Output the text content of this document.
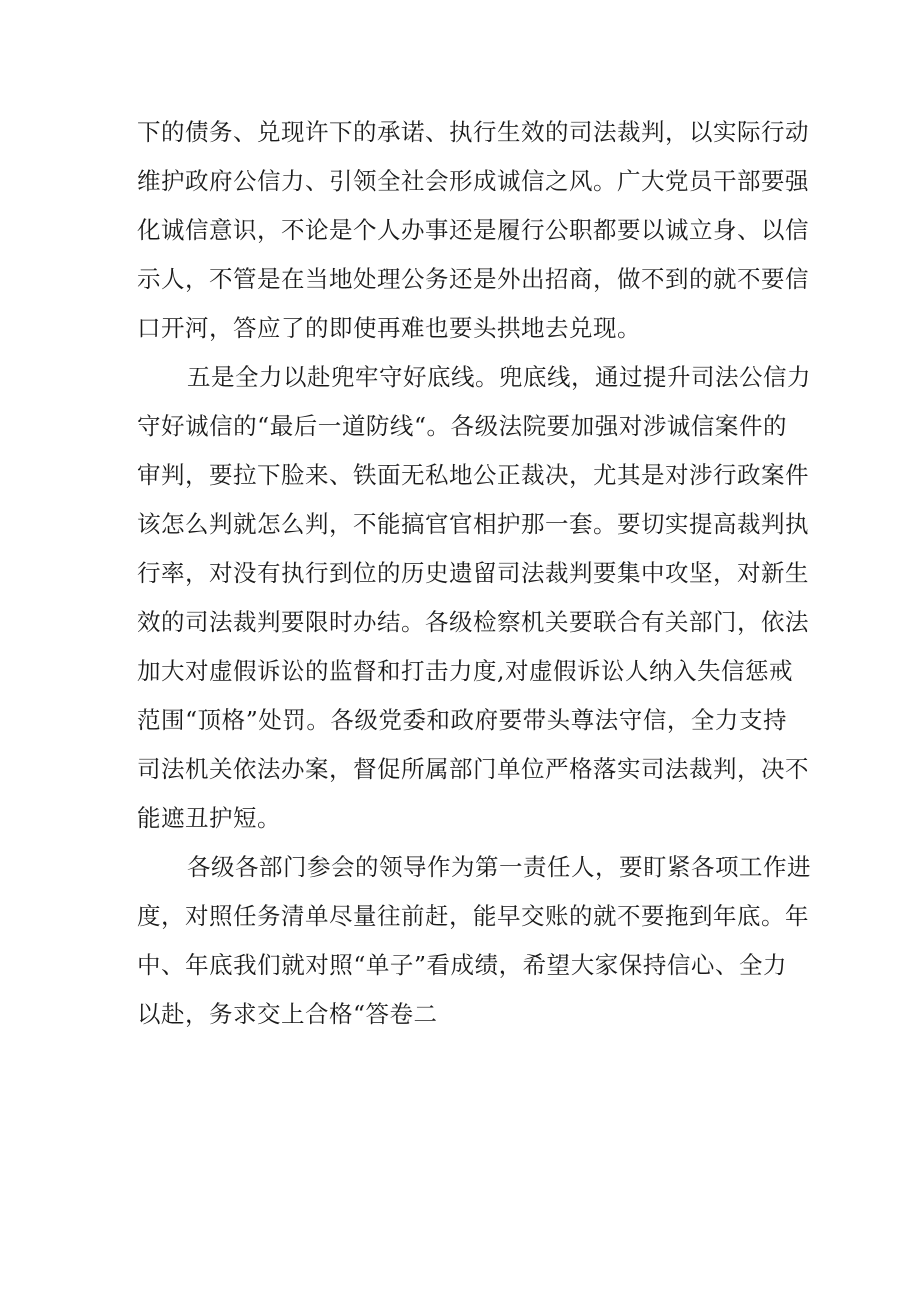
下的债务、兑现许下的承诺、执行生效的司法裁判，以实际行动
维护政府公信力、引领全社会形成诚信之风。广大党员干部要强
化诚信意识，不论是个人办事还是履行公职都要以诚立身、以信
示人，不管是在当地处理公务还是外出招商，做不到的就不要信
口开河，答应了的即使再难也要头拱地去兑现。
五是全力以赴兜牢守好底线。兜底线，通过提升司法公信力
守好诚信的“最后一道防线“。各级法院要加强对涉诚信案件的
审判，要拉下脸来、铁面无私地公正裁决，尤其是对涉行政案件
该怎么判就怎么判，不能搞官官相护那一套。要切实提高裁判执
行率，对没有执行到位的历史遗留司法裁判要集中攻坚，对新生
效的司法裁判要限时办结。各级检察机关要联合有关部门，依法
加大对虚假诉讼的监督和打击力度,对虚假诉讼人纳入失信惩戒
范围“顶格”处罚。各级党委和政府要带头尊法守信，全力支持
司法机关依法办案，督促所属部门单位严格落实司法裁判，决不
能遮丑护短。
各级各部门参会的领导作为第一责任人，要盯紧各项工作进
度，对照任务清单尽量往前赶，能早交账的就不要拖到年底。年
中、年底我们就对照“单子”看成绩，希望大家保持信心、全力
以赴，务求交上合格“答卷二
